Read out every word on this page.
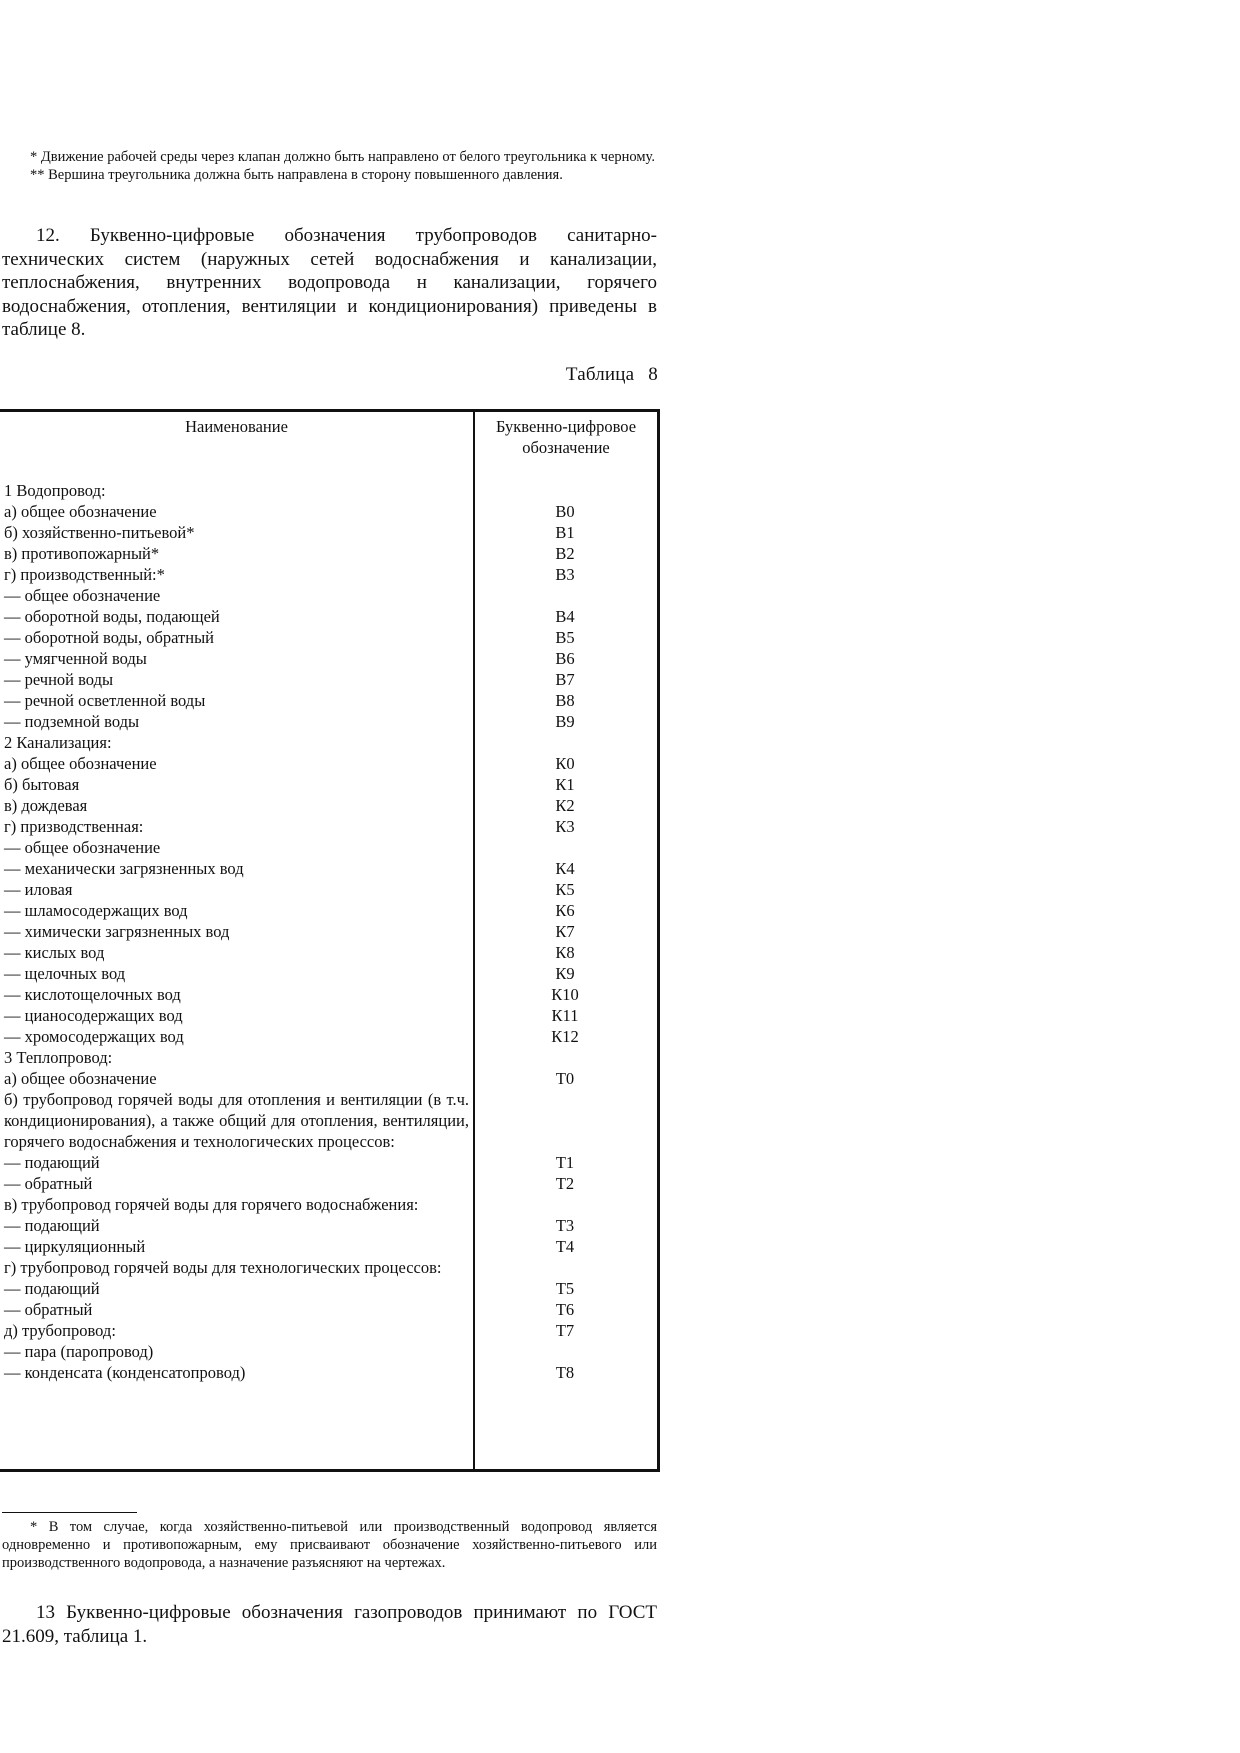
* Движение рабочей среды через клапан должно быть направлено от белого треугольника к черному.

** Вершина треугольника должна быть направлена в сторону повышенного давления.

12. Буквенно-цифровые обозначения трубопроводов санитарно-технических систем (наружных сетей водоснабжения и канализации, теплоснабжения, внутренних водопровода н канализации, горячего водоснабжения, отопления, вентиляции и кондиционирования) приведены в таблице 8.

Таблица 8
Наименование	Буквенно-цифровое обозначение
1 Водопровод:
а) общее обозначение	В0
б) хозяйственно-питьевой*	В1
в) противопожарный*	В2
г) производственный:*	В3
— общее обозначение
— оборотной воды, подающей	В4
— оборотной воды, обратный	В5
— умягченной воды	В6
— речной воды	В7
— речной осветленной воды	В8
— подземной воды	В9
2 Канализация:
а) общее обозначение	К0
б) бытовая	К1
в) дождевая	К2
г) призводственная:	К3
— общее обозначение
— механически загрязненных вод	К4
— иловая	К5
— шламосодержащих вод	К6
— химически загрязненных вод	К7
— кислых вод	К8
— щелочных вод	К9
— кислотощелочных вод	К10
— цианосодержащих вод	К11
— хромосодержащих вод	К12
3 Теплопровод:
а) общее обозначение	Т0
б) трубопровод горячей воды для отопления и вентиляции (в т.ч. кондиционирования), а также общий для отопления, вентиляции, горячего водоснабжения и технологических процессов:
— подающий	Т1
— обратный	Т2
в) трубопровод горячей воды для горячего водоснабжения:
— подающий	Т3
— циркуляционный	Т4
г) трубопровод горячей воды для технологических процессов:
— подающий	Т5
— обратный	Т6
д) трубопровод:	Т7
— пара (паропровод)
— конденсата (конденсатопровод)	Т8

* В том случае, когда хозяйственно-питьевой или производственный водопровод является одновременно и противопожарным, ему присваивают обозначение хозяйственно-питьевого или производственного водопровода, а назначение разъясняют на чертежах.

13 Буквенно-цифровые обозначения газопроводов принимают по ГОСТ 21.609, таблица 1.
